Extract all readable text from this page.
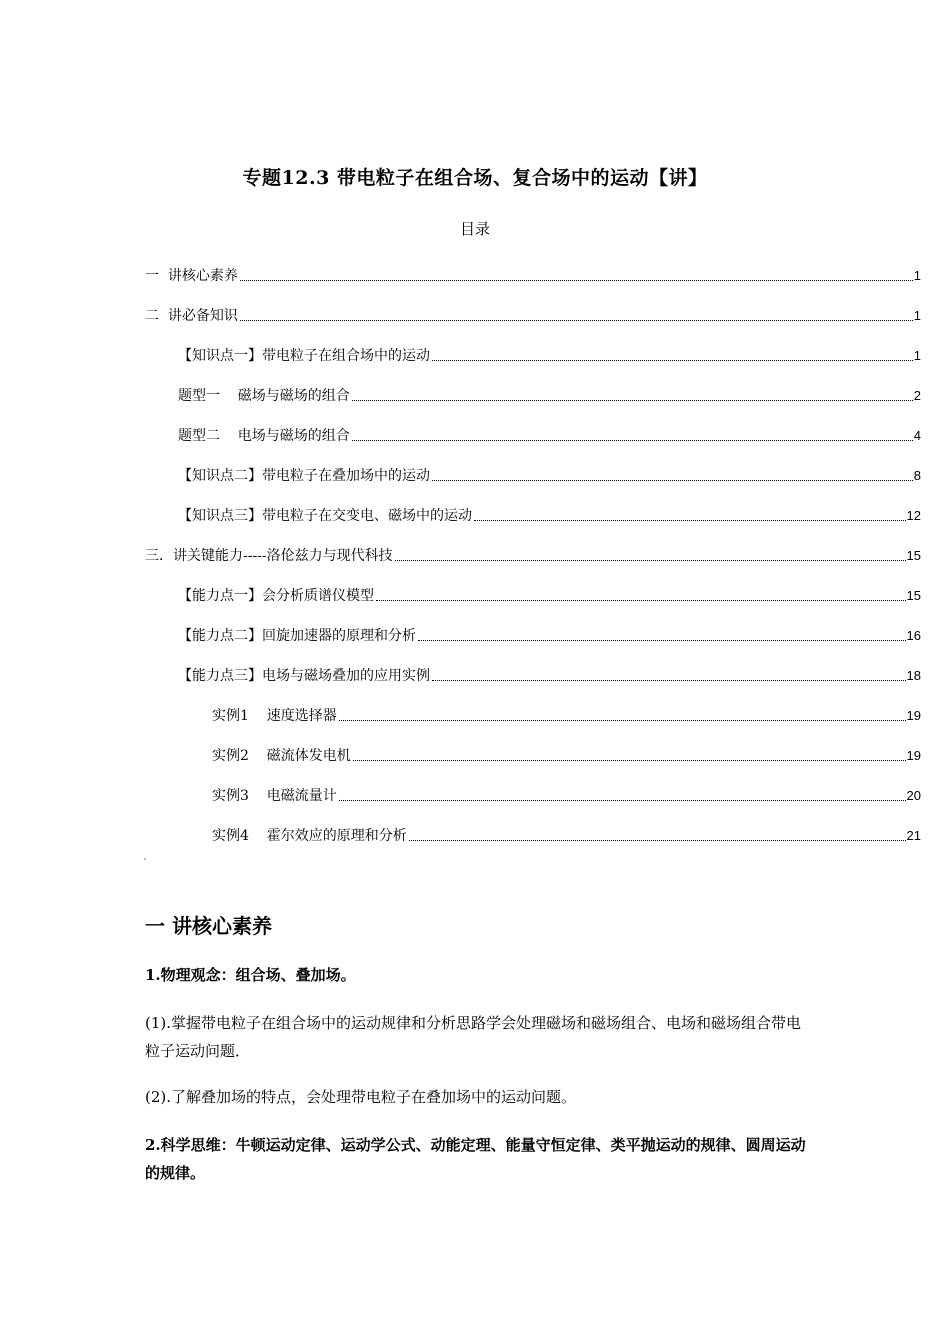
专题12.3 带电粒子在组合场、复合场中的运动【讲】
目录
一  讲核心素养	1
二  讲必备知识	1
【知识点一】带电粒子在组合场中的运动	1
题型一    磁场与磁场的组合	2
题型二    电场与磁场的组合	4
【知识点二】带电粒子在叠加场中的运动	8
【知识点三】带电粒子在交变电、磁场中的运动	12
三．讲关键能力-----洛伦兹力与现代科技	15
【能力点一】会分析质谱仪模型	15
【能力点二】回旋加速器的原理和分析	16
【能力点三】电场与磁场叠加的应用实例	18
实例1    速度选择器	19
实例2    磁流体发电机	19
实例3    电磁流量计	20
实例4    霍尔效应的原理和分析	21
一 讲核心素养
1.物理观念：组合场、叠加场。
(1).掌握带电粒子在组合场中的运动规律和分析思路学会处理磁场和磁场组合、电场和磁场组合带电粒子运动问题．
(2).了解叠加场的特点，会处理带电粒子在叠加场中的运动问题。
2.科学思维：牛顿运动定律、运动学公式、动能定理、能量守恒定律、类平抛运动的规律、圆周运动的规律。
